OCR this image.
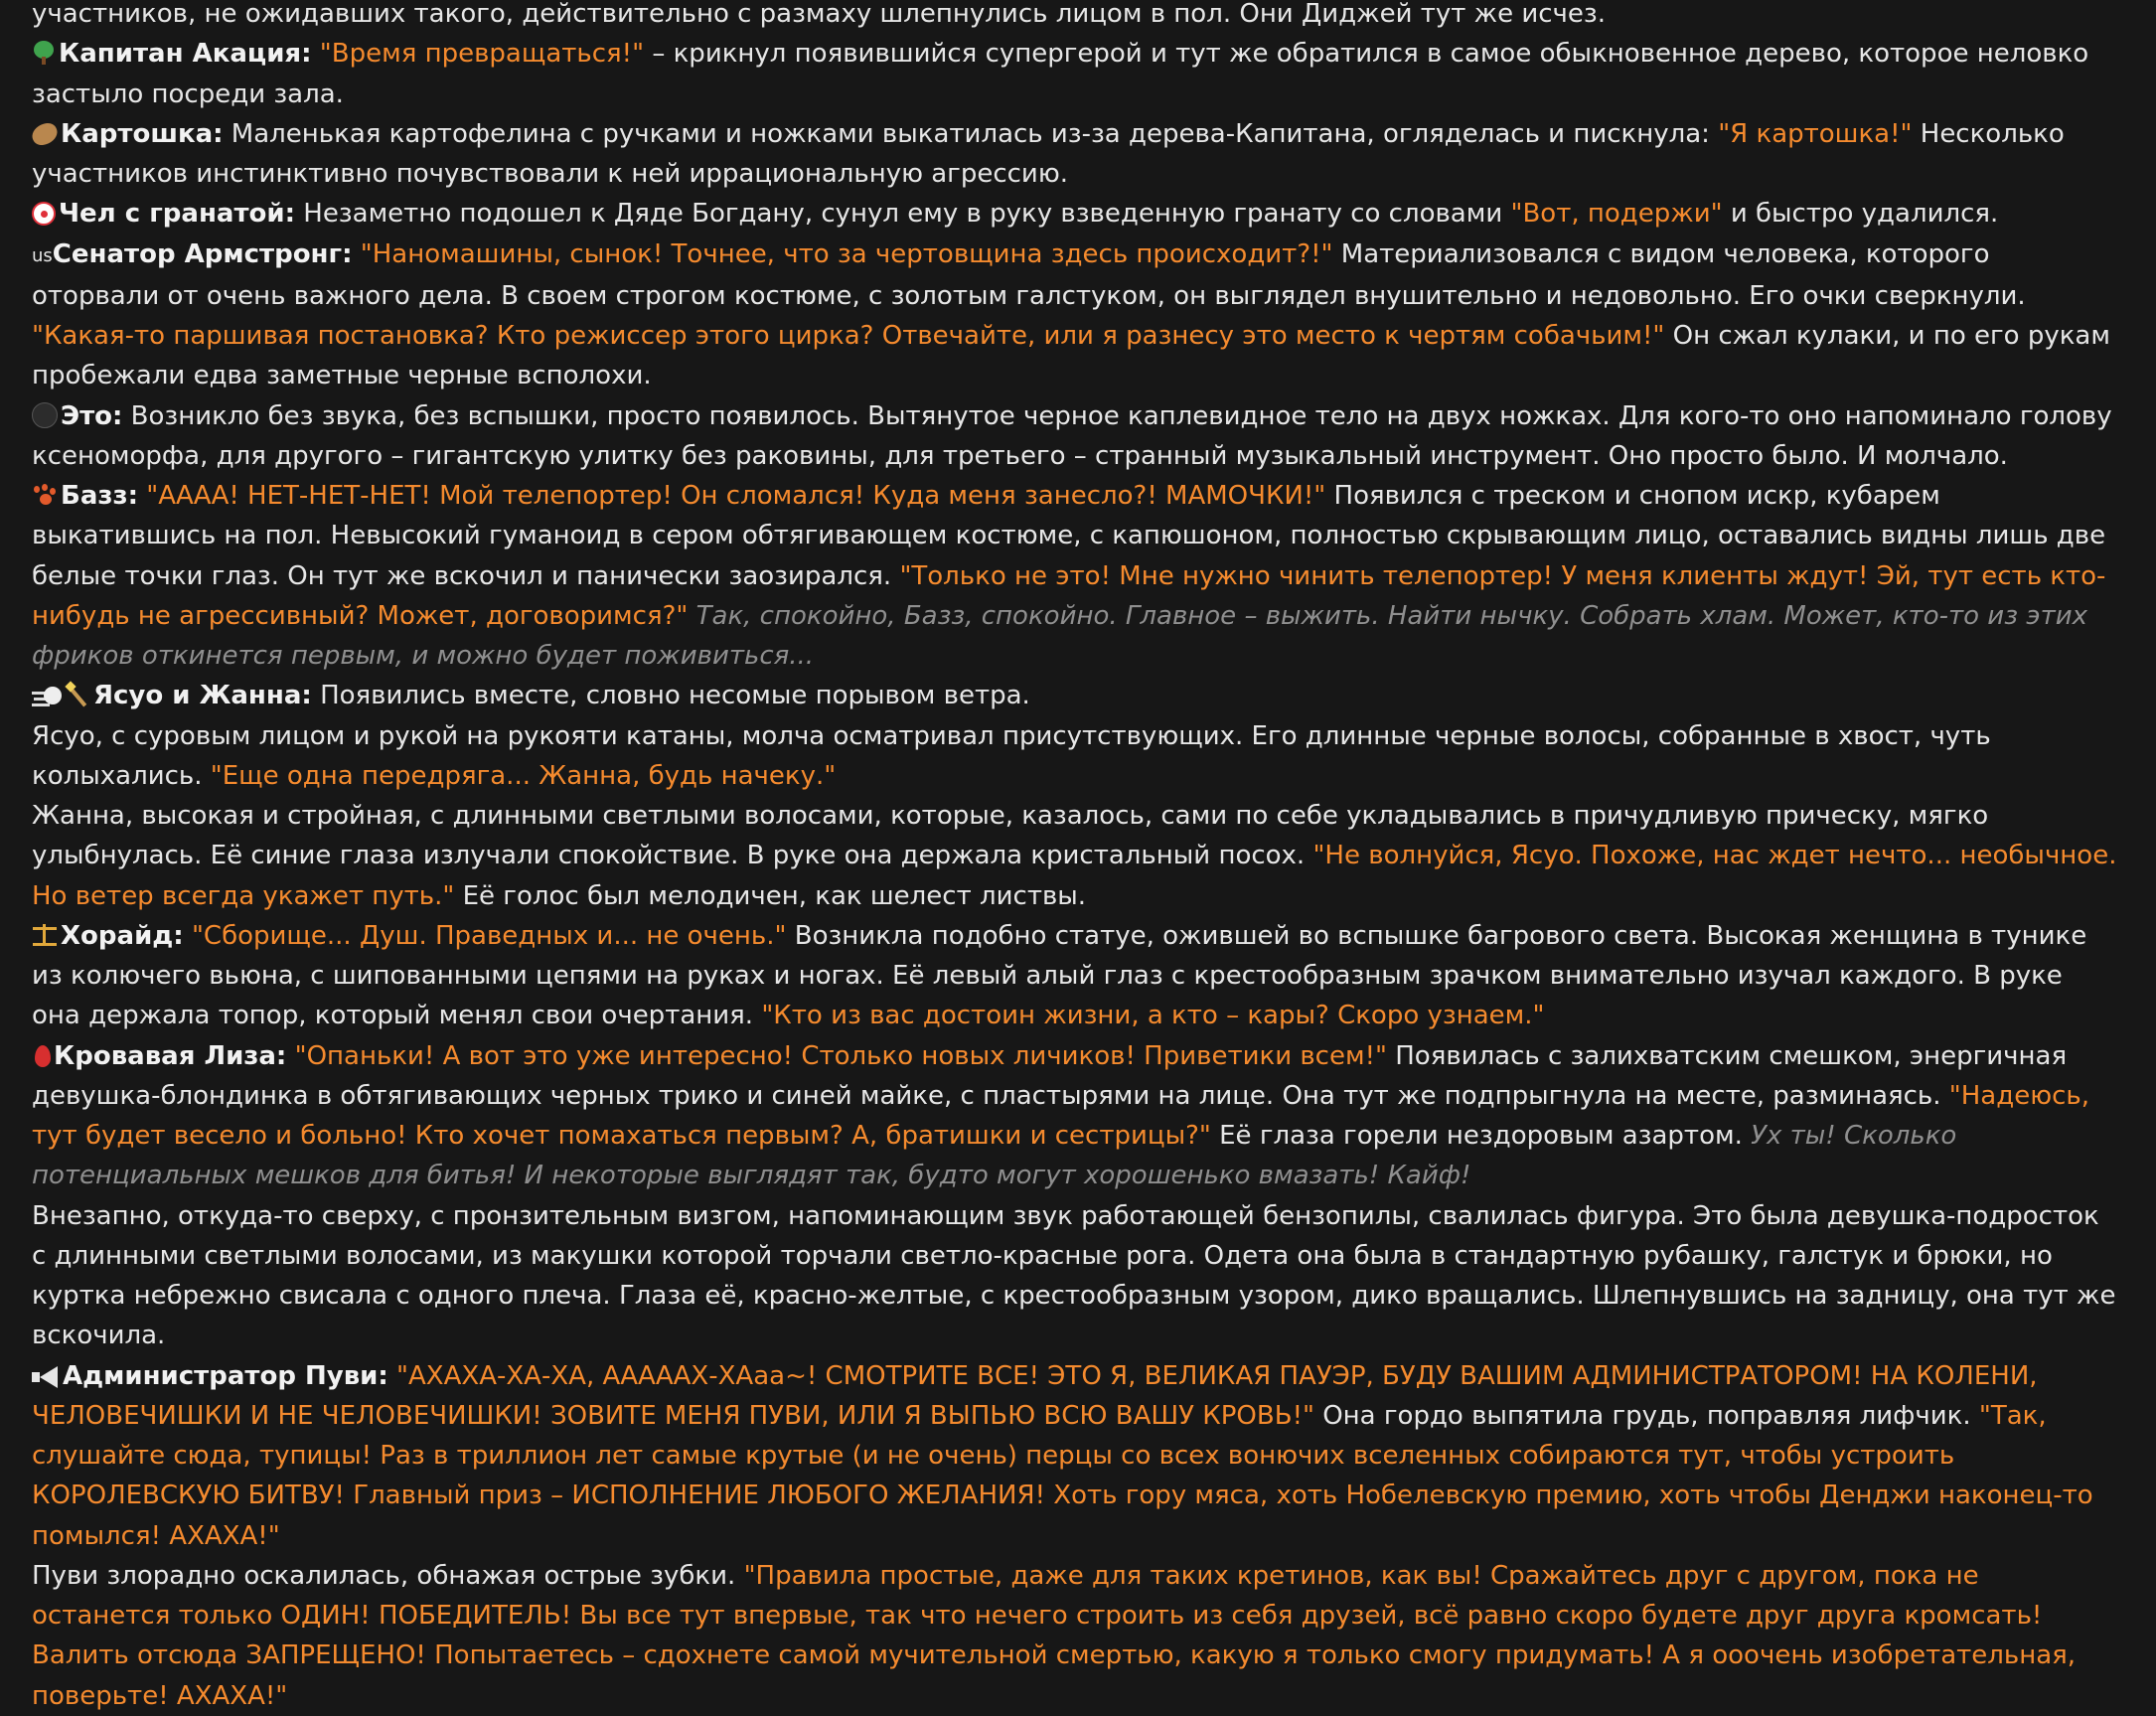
участников, не ожидавших такого, действительно с размаху шлепнулись лицом в пол. Они Диджей тут же исчез.

Капитан Акация: "Время превращаться!" – крикнул появившийся супергерой и тут же обратился в самое обыкновенное дерево, которое неловко застыло посреди зала.

Картошка: Маленькая картофелина с ручками и ножками выкатилась из-за дерева-Капитана, огляделась и пискнула: "Я картошка!" Несколько участников инстинктивно почувствовали к ней иррациональную агрессию.

Чел с гранатой: Незаметно подошел к Дяде Богдану, сунул ему в руку взведенную гранату со словами "Вот, подержи" и быстро удалился.

usСенатор Армстронг: "Наномашины, сынок! Точнее, что за чертовщина здесь происходит?!" Материализовался с видом человека, которого оторвали от очень важного дела. В своем строгом костюме, с золотым галстуком, он выглядел внушительно и недовольно. Его очки сверкнули. "Какая-то паршивая постановка? Кто режиссер этого цирка? Отвечайте, или я разнесу это место к чертям собачьим!" Он сжал кулаки, и по его рукам пробежали едва заметные черные всполохи.

Это: Возникло без звука, без вспышки, просто появилось. Вытянутое черное каплевидное тело на двух ножках. Для кого-то оно напоминало голову ксеноморфа, для другого – гигантскую улитку без раковины, для третьего – странный музыкальный инструмент. Оно просто было. И молчало.

Базз: "АААА! НЕТ-НЕТ-НЕТ! Мой телепортер! Он сломался! Куда меня занесло?! МАМОЧКИ!" Появился с треском и снопом искр, кубарем выкатившись на пол. Невысокий гуманоид в сером обтягивающем костюме, с капюшоном, полностью скрывающим лицо, оставались видны лишь две белые точки глаз. Он тут же вскочил и панически заозирался. "Только не это! Мне нужно чинить телепортер! У меня клиенты ждут! Эй, тут есть кто-нибудь не агрессивный? Может, договоримся?" Так, спокойно, Базз, спокойно. Главное – выжить. Найти нычку. Собрать хлам. Может, кто-то из этих фриков откинется первым, и можно будет поживиться...

Ясуо и Жанна: Появились вместе, словно несомые порывом ветра.

Ясуо, с суровым лицом и рукой на рукояти катаны, молча осматривал присутствующих. Его длинные черные волосы, собранные в хвост, чуть колыхались. "Еще одна передряга... Жанна, будь начеку."

Жанна, высокая и стройная, с длинными светлыми волосами, которые, казалось, сами по себе укладывались в причудливую прическу, мягко улыбнулась. Её синие глаза излучали спокойствие. В руке она держала кристальный посох. "Не волнуйся, Ясуо. Похоже, нас ждет нечто... необычное. Но ветер всегда укажет путь." Её голос был мелодичен, как шелест листвы.

Хорайд: "Сборище... Душ. Праведных и... не очень." Возникла подобно статуе, ожившей во вспышке багрового света. Высокая женщина в тунике из колючего вьюна, с шипованными цепями на руках и ногах. Её левый алый глаз с крестообразным зрачком внимательно изучал каждого. В руке она держала топор, который менял свои очертания. "Кто из вас достоин жизни, а кто – кары? Скоро узнаем."

Кровавая Лиза: "Опаньки! А вот это уже интересно! Столько новых личиков! Приветики всем!" Появилась с залихватским смешком, энергичная девушка-блондинка в обтягивающих черных трико и синей майке, с пластырями на лице. Она тут же подпрыгнула на месте, разминаясь. "Надеюсь, тут будет весело и больно! Кто хочет помахаться первым? А, братишки и сестрицы?" Её глаза горели нездоровым азартом. Ух ты! Сколько потенциальных мешков для битья! И некоторые выглядят так, будто могут хорошенько вмазать! Кайф!

Внезапно, откуда-то сверху, с пронзительным визгом, напоминающим звук работающей бензопилы, свалилась фигура. Это была девушка-подросток с длинными светлыми волосами, из макушки которой торчали светло-красные рога. Одета она была в стандартную рубашку, галстук и брюки, но куртка небрежно свисала с одного плеча. Глаза её, красно-желтые, с крестообразным узором, дико вращались. Шлепнувшись на задницу, она тут же вскочила.

Администратор Пуви: "АХАХА-ХА-ХА, АААААХ-ХАаа~! СМОТРИТЕ ВСЕ! ЭТО Я, ВЕЛИКАЯ ПАУЭР, БУДУ ВАШИМ АДМИНИСТРАТОРОМ! НА КОЛЕНИ, ЧЕЛОВЕЧИШКИ И НЕ ЧЕЛОВЕЧИШКИ! ЗОВИТЕ МЕНЯ ПУВИ, ИЛИ Я ВЫПЬЮ ВСЮ ВАШУ КРОВЬ!" Она гордо выпятила грудь, поправляя лифчик. "Так, слушайте сюда, тупицы! Раз в триллион лет самые крутые (и не очень) перцы со всех вонючих вселенных собираются тут, чтобы устроить КОРОЛЕВСКУЮ БИТВУ! Главный приз – ИСПОЛНЕНИЕ ЛЮБОГО ЖЕЛАНИЯ! Хоть гору мяса, хоть Нобелевскую премию, хоть чтобы Денджи наконец-то помылся! АХАХА!"

Пуви злорадно оскалилась, обнажая острые зубки. "Правила простые, даже для таких кретинов, как вы! Сражайтесь друг с другом, пока не останется только ОДИН! ПОБЕДИТЕЛЬ! Вы все тут впервые, так что нечего строить из себя друзей, всё равно скоро будете друг друга кромсать! Валить отсюда ЗАПРЕЩЕНО! Попытаетесь – сдохнете самой мучительной смертью, какую я только смогу придумать! А я ооочень изобретательная, поверьте! АХАХА!"
